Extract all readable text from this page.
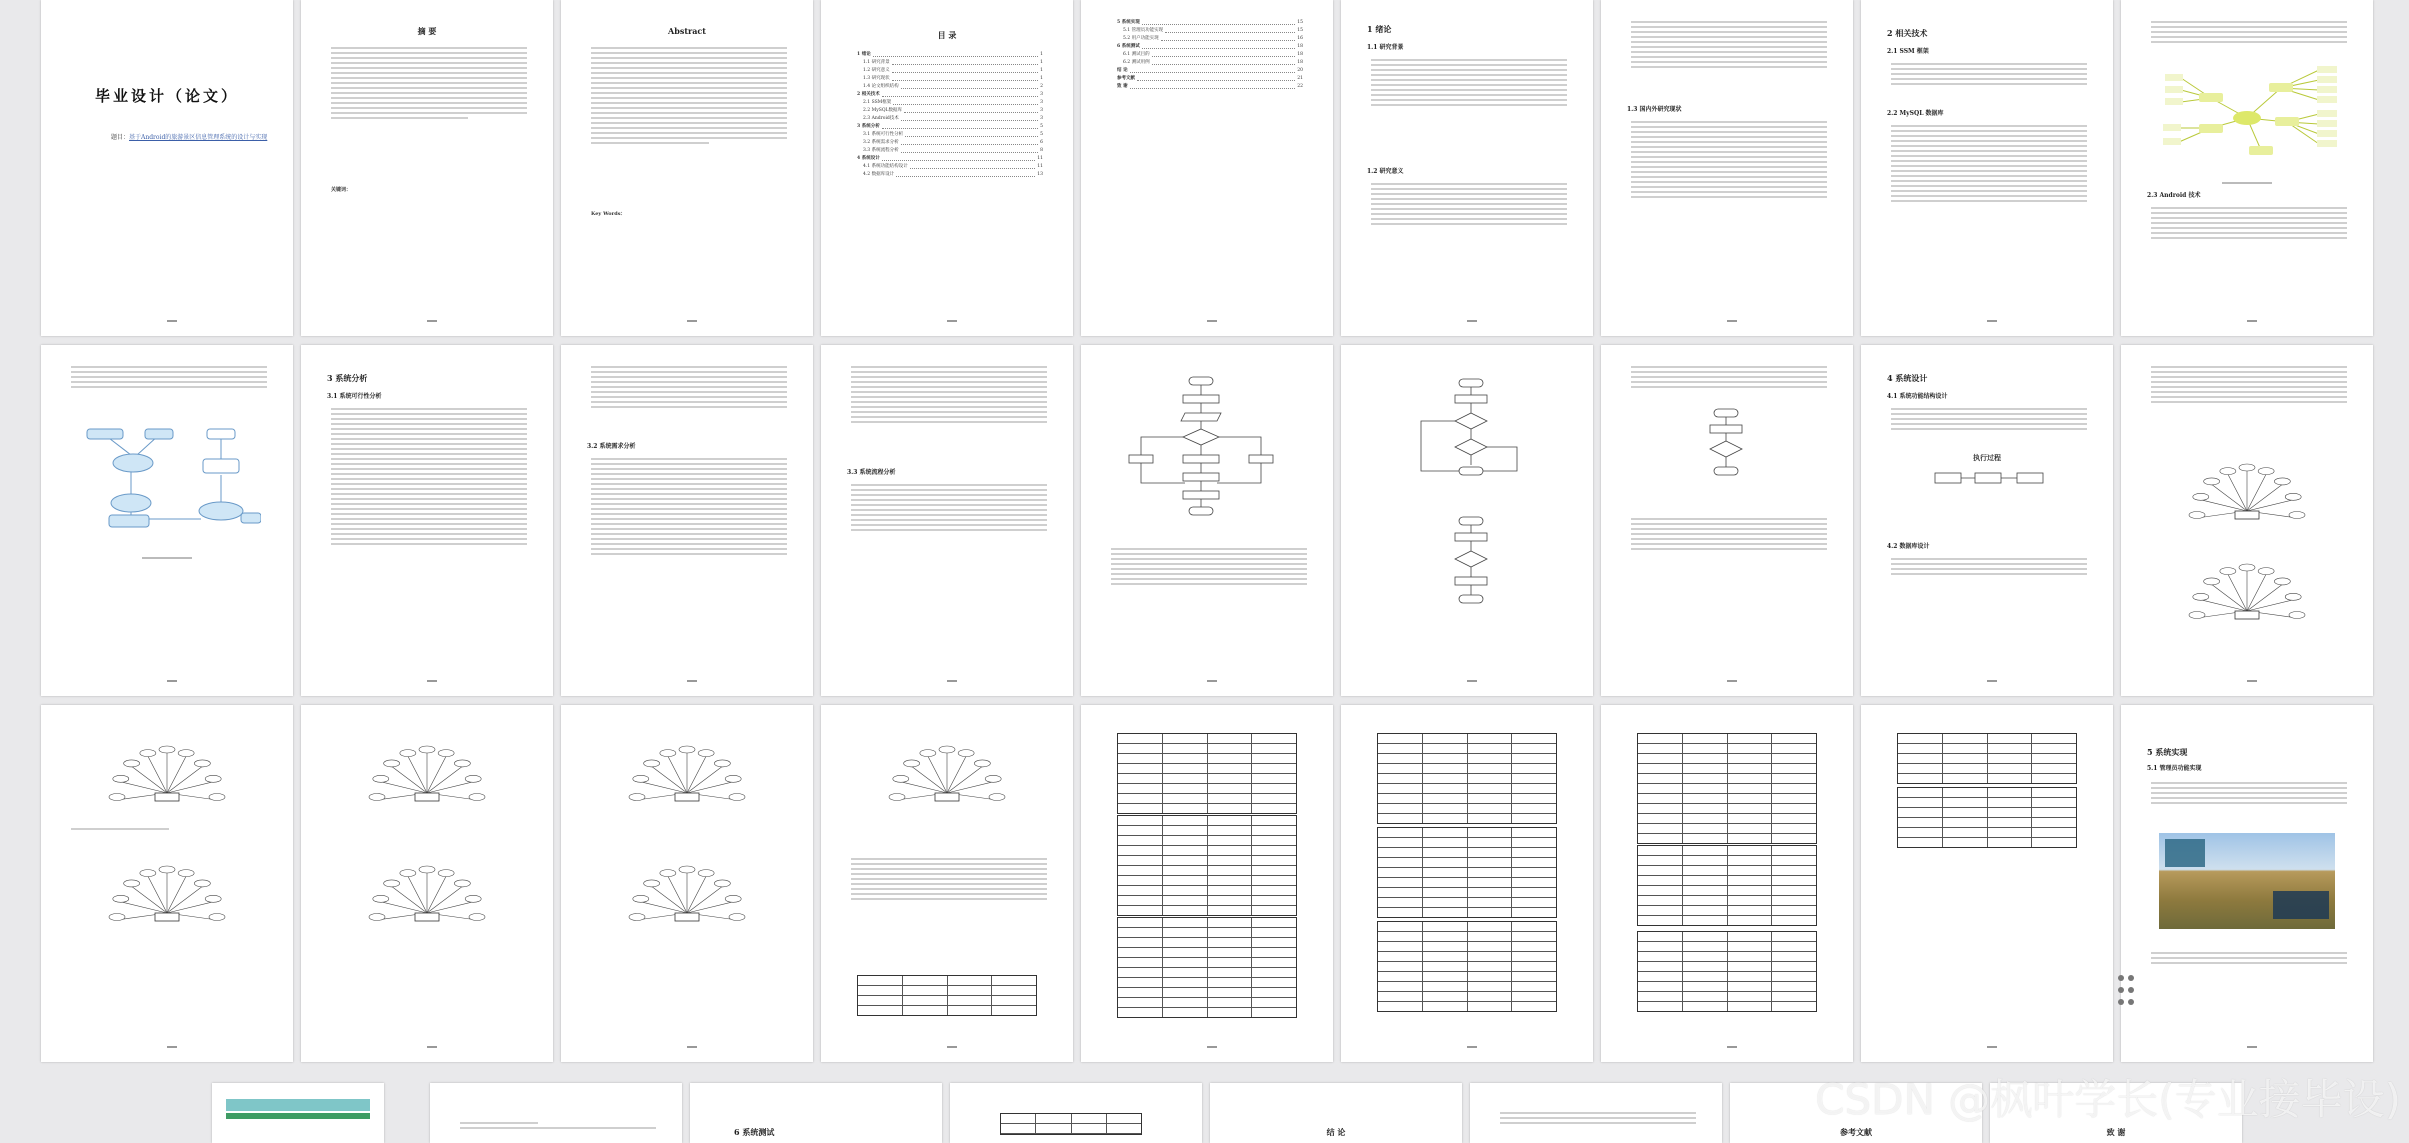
毕业设计（论文）
题目：基于Android的旅游景区信息管理系统的设计与实现
摘 要
关键词：
Abstract
Key Words：
目 录
1 绪论	1
1.1 研究背景	1
1.2 研究意义	1
1.3 研究现状	1
1.4 论文组织结构	2
2 相关技术	3
2.1 SSM框架	3
2.2 MySQL数据库	3
2.3 Android技术	3
3 系统分析	5
3.1 系统可行性分析	5
3.2 系统需求分析	6
3.3 系统流程分析	8
4 系统设计	11
4.1 系统功能结构设计	11
4.2 数据库设计	13
5 系统实现	15
5.1 管理员功能实现	15
5.2 用户功能实现	16
6 系统测试	18
6.1 测试目的	18
6.2 测试用例	18
结 论	20
参考文献	21
致 谢	22
1 绪论
1.1 研究背景
1.2 研究意义
1.3 国内外研究现状
2 相关技术
2.1 SSM 框架
2.2 MySQL 数据库
2.3 Android 技术
3 系统分析
3.1 系统可行性分析
3.2 系统需求分析
3.3 系统流程分析
4 系统设计
4.1 系统功能结构设计
执行过程
4.2 数据库设计
5 系统实现
5.1 管理员功能实现
6 系统测试	结 论	参考文献	致 谢
CSDN @枫叶学长(专业接毕设)
